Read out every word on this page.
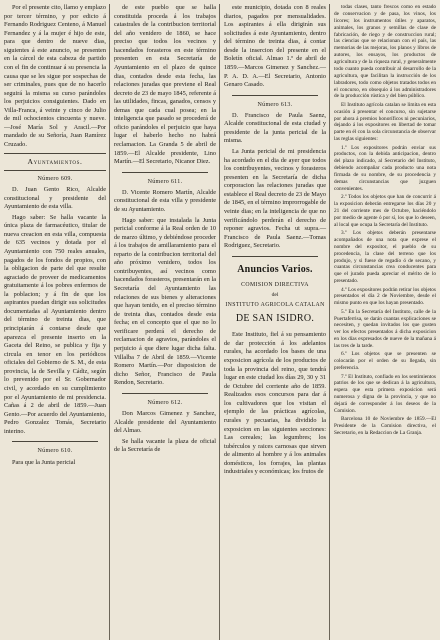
Por el presente cito, llamo y emplazo por tercer término, y por edicto á Fernando Rodriguez Centeno, á Manuel Fernandez y á la mujer é hijo de este, para que dentro de nueve dias, siguientes á este anuncio, se presenten en la cárcel de esta cabeza de partido con el fin de continuar á su presencia la causa que se les sigue por sospechas de ser criminales, pues que de no hacerlo seguirá la misma su curso parándoles los perjuicios consiguientes. Dado en Villa-Franca, á veinte y cinco de Julio de mil ochocientos cincuenta y nueve.—José María Sol y Aracil.—Por mandado de su Señoría, Juan Ramírez Cruzado.

Ayuntamientos.
Número 609.

D. Juan Gento Rico, Alcalde constitucional y presidente del Ayuntamiento de esta villa.

Hago saber: Se halla vacante la única plaza de farmacéutico, titular de nueva creacion en esta villa, compuesta de 635 vecinos y dotada por el Ayuntamiento con 750 reales anuales, pagados de los fondos de propios, con la obligacion de parte del que resulte agraciado de proveer de medicamentos gratuitamente á los pobres enfermos de la poblacion; y á fin de que los aspirantes puedan dirigir sus solicitudes documentadas al Ayuntamiento dentro del término de treinta dias, que principiarán á contarse desde que aparezca el presente inserto en la Gaceta del Reino, se publica y fija y circula en tenor en los periódicos oficiales del Gobierno de S. M., de esta provincia, la de Sevilla y Cádiz, según lo prevenido por el Sr. Gobernador civil, y acordado en su cumplimiento por el Ayuntamiento de mi presidencia. Cañas á 2 de abril de 1859.—Juan Gento.—Por acuerdo del Ayuntamiento, Pedro Gonzalez Tomás, Secretario interino.

Número 610.

Para que la Junta pericial

de este pueblo que se halla constituida proceda á los trabajos catastrales de la contribucion territorial del año venidero de 1860, se hace preciso que todos los vecinos y hacendados forasteros en este término presenten en esta Secretaría de Ayuntamiento en el plazo de quince dias, contados desde esta fecha, las relaciones juradas que previene el Real decreto de 23 de mayo 1845, referente á las utilidades, fincas, ganados, censos y demas que cada cual posea; en la inteligencia que pasado se procederá de oficio parándoles el perjuicio que haya lugar el haberlo hecho no habrá reclamacion. La Granda 5 de abril de 1859.—El Alcalde presidente, Lino Martín.—El Secretario, Nicanor Diez.

Número 611.

D. Vicente Romero Martín, Alcalde constitucional de esta villa y presidente de su Ayuntamiento.

Hago saber: que instalada la Junta pericial conforme á la Real orden de 10 de marzo último, y debiéndose proceder á los trabajos de amillaramiento para el reparto de la contribucion territorial del año próximo venidero, todos los contribuyentes, así vecinos como hacendados forasteros, presentarán en la Secretaría del Ayuntamiento las relaciones de sus bienes y alteraciones que hayan tenido, en el preciso término de treinta dias, contados desde esta fecha; en el concepto que el que no lo verificare perderá el derecho de reclamacion de agravios, parándoles el perjuicio á que diere lugar dicha falta. Villalba 7 de Abril de 1859.—Vicente Romero Martín.—Por disposicion de dicho Señor, Francisco de Paula Rendon, Secretario.

Número 612.

Don Marcos Gimenez y Sanchez, Alcalde presidente del Ayuntamiento del Almao.

Se halla vacante la plaza de oficial de la Secretaría de

este municipio, dotada con 8 reales diarios, pagados por mensualidades. Los aspirantes á ella dirigirán sus solicitudes á este Ayuntamiento, dentro del término de treinta dias, á contar desde la insercion del presente en el Boletín oficial. Almao 1.º de abril de 1859.—Marcos Gimenez y Sanchez.—P. A. D. A.—El Secretario, Antonio Genaro Casado.

Número 613.

D. Francisco de Paula Saenz, Alcalde constitucional de esta ciudad y presidente de la junta pericial de la misma.

La Junta pericial de mi presidencia ha acordado en el dia de ayer que todos los contribuyentes, vecinos y forasteros presenten en la Secretaría de dicha corporacion las relaciones juradas que establece el Real decreto de 23 de Mayo de 1845, en el término improrrogable de veinte dias; en la inteligencia de que no verificándolo perderán el derecho de reponer agravios. Fecha ut supra.—Francisco de Paula Saenz.—Tomas Rodriguez, Secretario.

Anuncios Varios.
COMISION DIRECTIVA
del
INSTITUTO AGRICOLA CATALAN
DE SAN ISIDRO.

Este Instituto, fiel á su pensamiento de dar protección á los adelantos rurales, ha acordado los bases de una exposicion agrícola de los productos de toda la provincia del reino, que tendrá lugar en este ciudad los días 29, 30 y 31 de Octubre del corriente año de 1859. Realizados esos concursos para dar á los cultivadores que los visitan el ejemplo de las prácticas agrícolas, rurales y pecuarias, ha dividido la exposicion en las siguientes secciones: Las cereales; las legumbres; los tubérculos y raices carnosas que sirven de alimento al hombre y á los animales domésticos, los forrajes, las plantas industriales y económicas; los frutos de

todas clases, tanto frescos como en estado de conservacion y de pasa, los vinos, los licores; los instrumentos útiles y aparatos, animales, los granos y semillas de clase de fabricación, de riego y de construccion rural; las ciencias que se relacionan con el país, las memorias de las mejoras, los planos y libros de autores, los ensayos, los productos de agricultura y de la riqueza rural, y generalmente todo cuanto pueda contribuir al desarrollo de la agricultura, que facilitan la instrucción de los labradores, todo como objetos tratados todos en el concurso, en obsequio á los administradores de la producción rústica y del bien público.

El Instituto agrícola catalan se limita en esta ocasión á presentar el concurso, sin sujetarse por ahora á premios honoríficos ni pecuniarios, dejando á los expositores en libertad de tomar parte en él con la sola circunstancia de observar las reglas siguientes:

1.º Los expositores podrán enviar sus productos, con la debida anticipacion, dentro del plazo indicado, al Secretario del Instituto, debiendo acompañar cada producto una nota firmada de su nombre, de su procedencia y demas circunstancias que juzguen convenientes.

2.º Todos los objetos que han de concurrir á la exposicion deberán entregarse los días 20 y 21 del corriente mes de Octubre, haciéndolo por medio de agente ó por sí, los que lo deseen, al local que ocupa la Secretaría del Instituto.

3.º Los objetos deberán presentarse acompañados de una nota que exprese el nombre del expositor, el pueblo de su procedencia, la clase del terreno que los produjo, y si fuese de regadío ó de secano, y cuantas circunstancias crea conducentes para que el jurado pueda apreciar el mérito de lo presentado.

4.º Los expositores podrán retirar los objetos presentados el día 2 de Noviembre, desde el mismo punto en que los hayan presentado.

5.º En la Secretaría del Instituto, calle de la Puertaferrisa, se darán cuantas explicaciones se necesiten, y quedan invitados los que gusten ver los efectos presentados á dicha exposicion en los días expresados de nueve de la mañana á las tres de la tarde.

6.º Los objetos que se presenten se colocarán por el orden de su llegada, sin preferencia.

7.º El Instituto, confiado en los sentimientos patrios de los que se dedican á la agricultura, espera que esta primera exposicion será numerosa y digna de la provincia, y que no dejará de corresponder á los deseos de la Comision.

Barcelona 10 de Noviembre de 1859.—El Presidente de la Comision directiva, el Secretario, en la Redaccion de La Granja.
